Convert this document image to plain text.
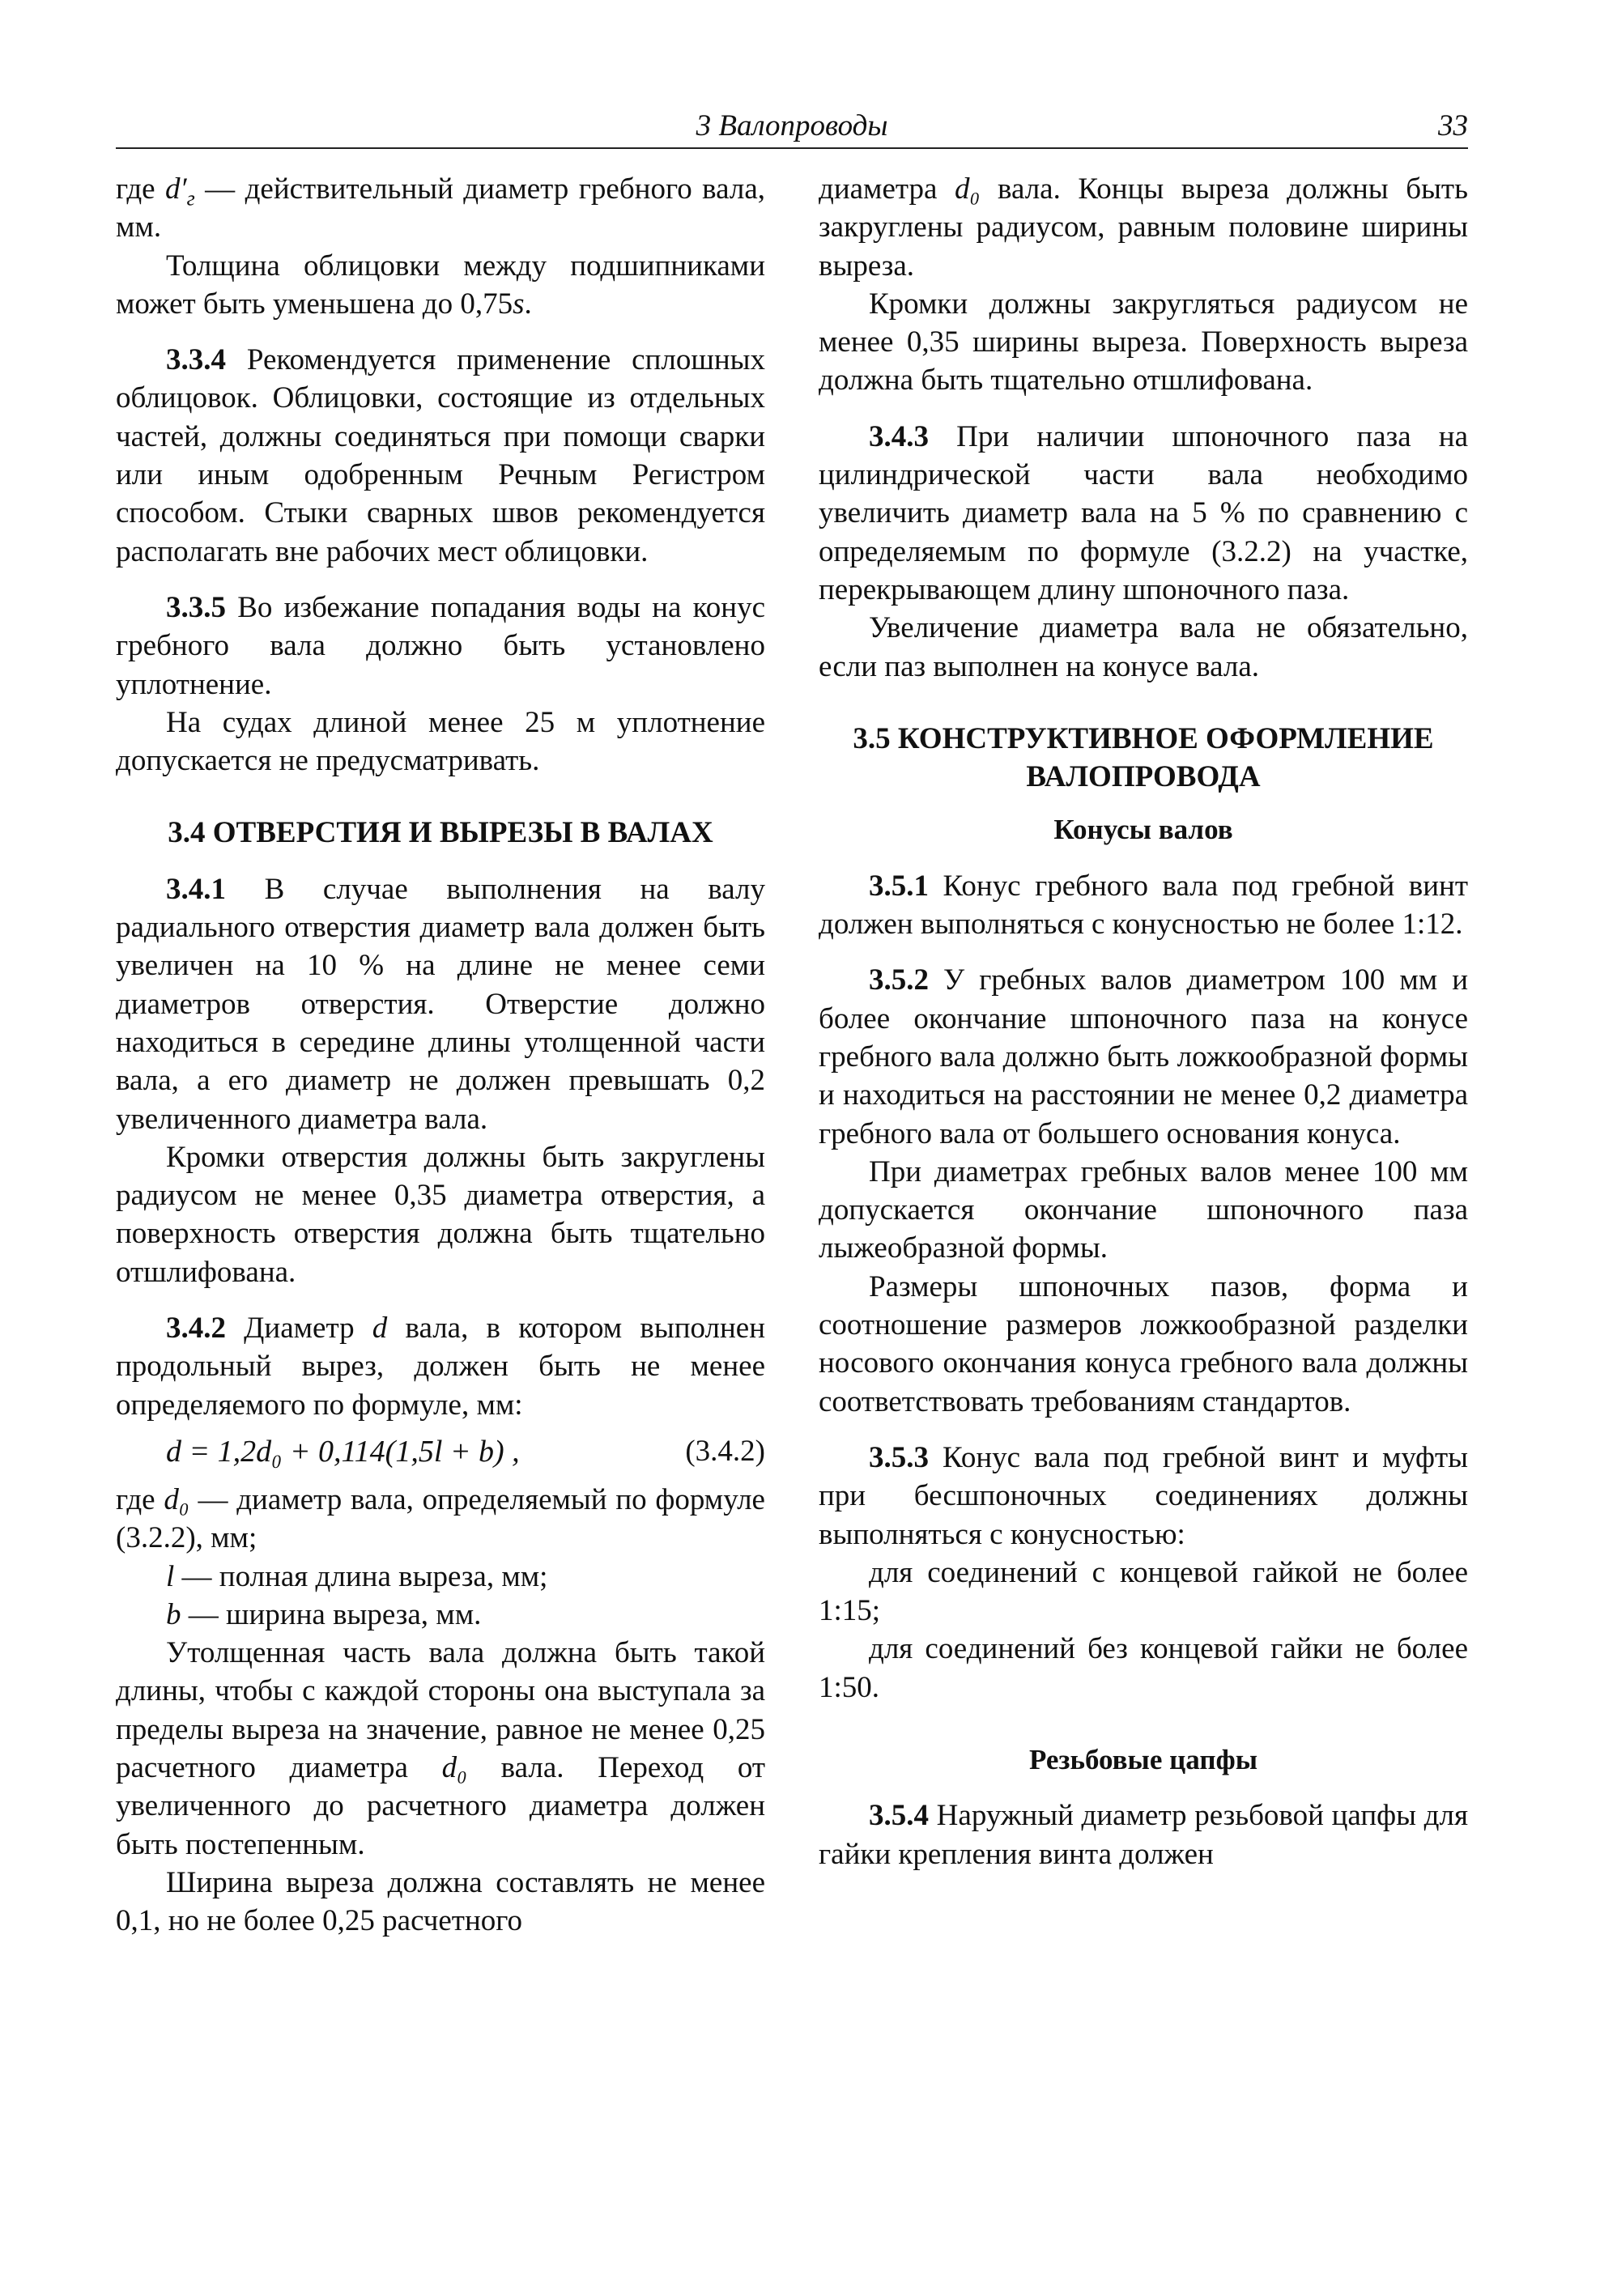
3 Валопроводы	33

где $d'_г$ — действительный диаметр гребного вала, мм.

Толщина облицовки между подшипниками может быть уменьшена до 0,75s.

3.3.4 Рекомендуется применение сплошных облицовок. Облицовки, состоящие из отдельных частей, должны соединяться при помощи сварки или иным одобренным Речным Регистром способом. Стыки сварных швов рекомендуется располагать вне рабочих мест облицовки.

3.3.5 Во избежание попадания воды на конус гребного вала должно быть установлено уплотнение.

На судах длиной менее 25 м уплотнение допускается не предусматривать.

3.4 ОТВЕРСТИЯ И ВЫРЕЗЫ В ВАЛАХ

3.4.1 В случае выполнения на валу радиального отверстия диаметр вала должен быть увеличен на 10 % на длине не менее семи диаметров отверстия. Отверстие должно находиться в середине длины утолщенной части вала, а его диаметр не должен превышать 0,2 увеличенного диаметра вала.

Кромки отверстия должны быть закруглены радиусом не менее 0,35 диаметра отверстия, а поверхность отверстия должна быть тщательно отшлифована.

3.4.2 Диаметр d вала, в котором выполнен продольный вырез, должен быть не менее определяемого по формуле, мм:

d = 1,2d₀ + 0,114(1,5l + b) ,	(3.4.2)

где d₀ — диаметр вала, определяемый по формуле (3.2.2), мм;

l — полная длина выреза, мм;

b — ширина выреза, мм.

Утолщенная часть вала должна быть такой длины, чтобы с каждой стороны она выступала за пределы выреза на значение, равное не менее 0,25 расчетного диаметра d₀ вала. Переход от увеличенного до расчетного диаметра должен быть постепенным.

Ширина выреза должна составлять не менее 0,1, но не более 0,25 расчетного

диаметра d₀ вала. Концы выреза должны быть закруглены радиусом, равным половине ширины выреза.

Кромки должны закругляться радиусом не менее 0,35 ширины выреза. Поверхность выреза должна быть тщательно отшлифована.

3.4.3 При наличии шпоночного паза на цилиндрической части вала необходимо увеличить диаметр вала на 5 % по сравнению с определяемым по формуле (3.2.2) на участке, перекрывающем длину шпоночного паза.

Увеличение диаметра вала не обязательно, если паз выполнен на конусе вала.

3.5 КОНСТРУКТИВНОЕ ОФОРМЛЕНИЕ

ВАЛОПРОВОДА

Конусы валов

3.5.1 Конус гребного вала под гребной винт должен выполняться с конусностью не более 1:12.

3.5.2 У гребных валов диаметром 100 мм и более окончание шпоночного паза на конусе гребного вала должно быть ложкообразной формы и находиться на расстоянии не менее 0,2 диаметра гребного вала от большего основания конуса.

При диаметрах гребных валов менее 100 мм допускается окончание шпоночного паза лыжеобразной формы.

Размеры шпоночных пазов, форма и соотношение размеров ложкообразной разделки носового окончания конуса гребного вала должны соответствовать требованиям стандартов.

3.5.3 Конус вала под гребной винт и муфты при бесшпоночных соединениях должны выполняться с конусностью:

для соединений с концевой гайкой не более 1:15;

для соединений без концевой гайки не более 1:50.

Резьбовые цапфы

3.5.4 Наружный диаметр резьбовой цапфы для гайки крепления винта должен
